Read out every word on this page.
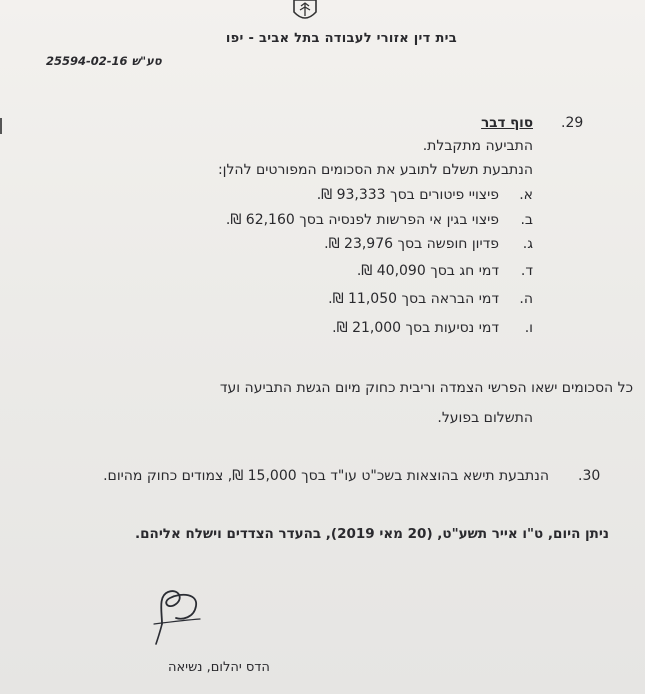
בית דין אזורי לעבודה בתל אביב - יפו
סע"ש 25594-02-16
.29
סוף דבר
התביעה מתקבלת.
הנתבעת תשלם לתובע את הסכומים המפורטים להלן:
א.
פיצויי פיטורים בסך 93,333 ₪.
ב.
פיצוי בגין אי הפרשות לפנסיה בסך 62,160 ₪.
ג.
פדיון חופשה בסך 23,976 ₪.
ד.
דמי חג בסך 40,090 ₪.
ה.
דמי הבראה בסך 11,050 ₪.
ו.
דמי נסיעות בסך 21,000 ₪.
כל הסכומים ישאו הפרשי הצמדה וריבית כחוק מיום הגשת התביעה ועד
התשלום בפועל.
.30
הנתבעת תישא בהוצאות בשכ"ט עו"ד בסך 15,000 ₪, צמודים כחוק מהיום.
ניתן היום, ט"ו אייר תשע"ט, (20 מאי 2019), בהעדר הצדדים וישלח אליהם.
הדס יהלום, נשיאה
